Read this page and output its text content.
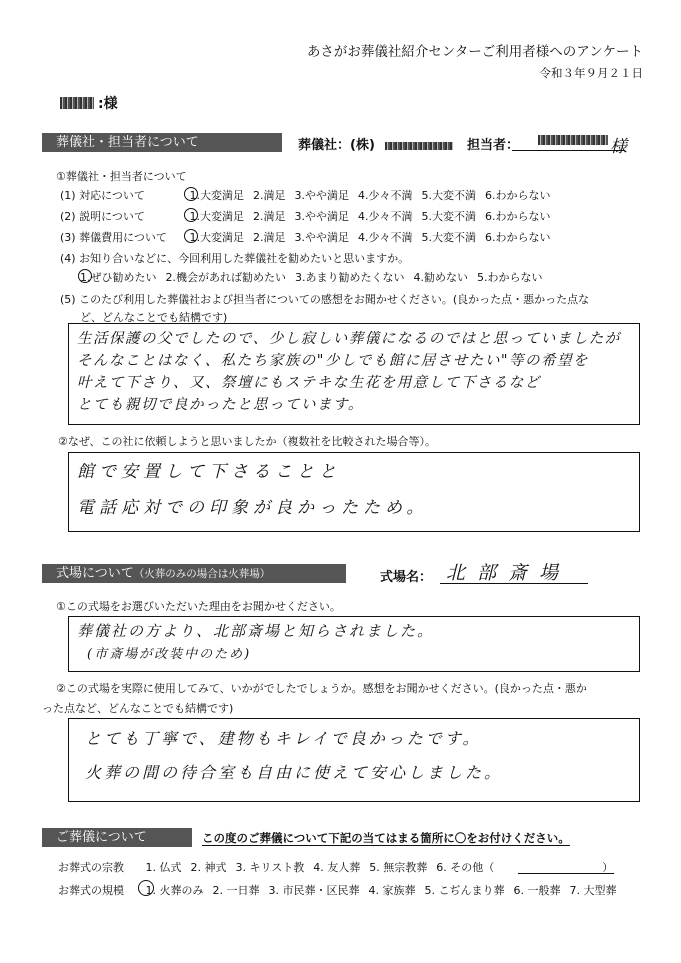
あさがお葬儀社紹介センターご利用者様へのアンケート
令和３年９月２１日
:様
葬儀社・担当者について	葬儀社：(株)	担当者：	様
①葬儀社・担当者について
(1) 対応について	1.大変満足 2.満足 3.やや満足 4.少々不満 5.大変不満 6.わからない
(2) 説明について	1.大変満足 2.満足 3.やや満足 4.少々不満 5.大変不満 6.わからない
(3) 葬儀費用について 1.大変満足 2.満足 3.やや満足 4.少々不満 5.大変不満 6.わからない
(4) お知り合いなどに、今回利用した葬儀社を勧めたいと思いますか。
1.ぜひ勧めたい 2.機会があれば勧めたい 3.あまり勧めたくない 4.勧めない 5.わからない
(5) このたび利用した葬儀社および担当者についての感想をお聞かせください。(良かった点・悪かった点な
ど、どんなことでも結構です)
生活保護の父でしたので、少し寂しい葬儀になるのではと思っていましたが
そんなことはなく、私たち家族の"少しでも館に居させたい"等の希望を
叶えて下さり、又、祭壇にもステキな生花を用意して下さるなど
とても親切で良かったと思っています。
②なぜ、この社に依頼しようと思いましたか（複数社を比較された場合等）。
館で安置して下さることと
電話応対での印象が良かったため。
式場について（火葬のみの場合は火葬場）	式場名： 北部斎場
①この式場をお選びいただいた理由をお聞かせください。
葬儀社の方より、北部斎場と知らされました。
(市斎場が改装中のため)
②この式場を実際に使用してみて、いかがでしたでしょうか。感想をお聞かせください。(良かった点・悪か
った点など、どんなことでも結構です)
とても丁寧で、建物もキレイで良かったです。
火葬の間の待合室も自由に使えて安心しました。
ご葬儀について	この度のご葬儀について下記の当てはまる箇所に〇をお付けください。
お葬式の宗教 1. 仏式 2. 神式 3. キリスト教 4. 友人葬 5. 無宗教葬 6. その他（	）
お葬式の規模 1. 火葬のみ 2. 一日葬 3. 市民葬・区民葬 4. 家族葬 5. こぢんまり葬 6. 一般葬 7. 大型葬
